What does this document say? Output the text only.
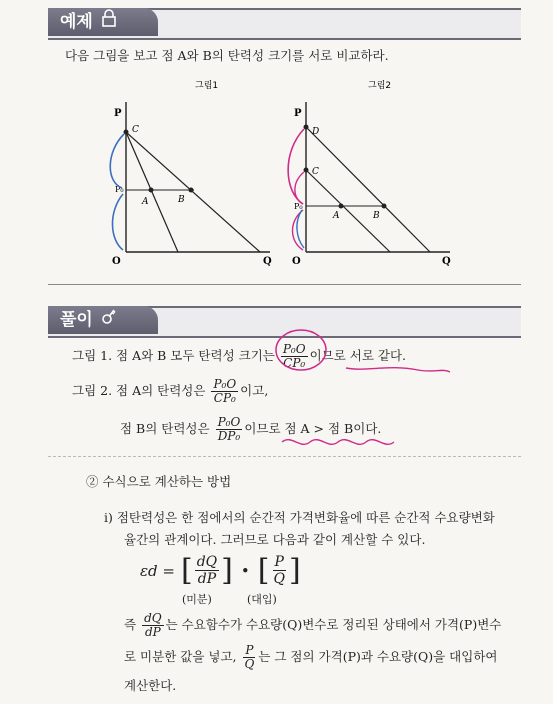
예제
다음 그림을 보고 점 A와 B의 탄력성 크기를 서로 비교하라.
그림1
P
C
P₀
A	B
O	Q
그림2
P
D
C
P₀
A	B
O	Q
풀이
그림 1. 점 A와 B 모두 탄력성 크기는 $\frac{\text{P₀O}}{\text{CP₀}}$ 이므로 서로 같다.
그림 2. 점 A의 탄력성은 $\frac{\text{P₀O}}{\text{CP₀}}$ 이고,
점 B의 탄력성은 $\frac{\text{P₀O}}{\text{DP₀}}$ 이므로 점 A > 점 B이다.
② 수식으로 계산하는 방법
ⅰ) 점탄력성은 한 점에서의 순간적 가격변화율에 따른 순간적 수요량변화
율간의 관계이다. 그러므로 다음과 같이 계산할 수 있다.
εd = [ $\frac{dQ}{dP}$ ] • [ $\frac{P}{Q}$ ]
(미분)	(대입)
즉 $\frac{dQ}{dP}$ 는 수요함수가 수요량(Q)변수로 정리된 상태에서 가격(P)변수
로 미분한 값을 넣고, $\frac{P}{Q}$ 는 그 점의 가격(P)과 수요량(Q)을 대입하여
계산한다.
